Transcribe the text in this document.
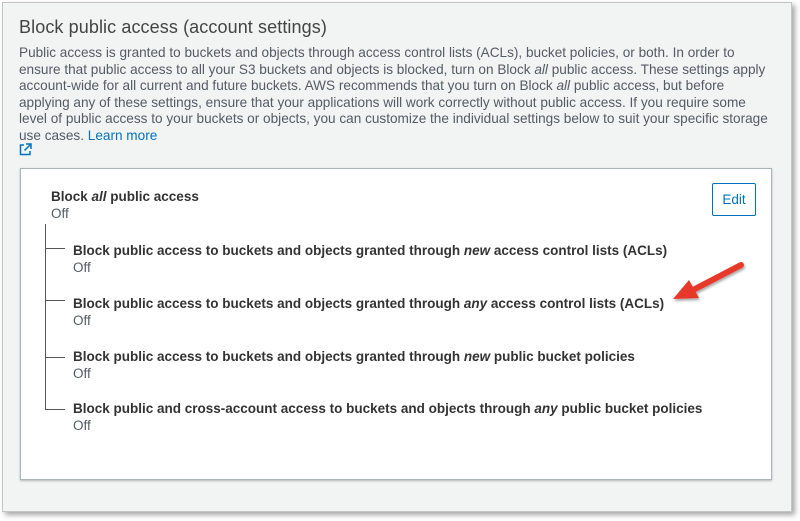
Block public access (account settings)

Public access is granted to buckets and objects through access control lists (ACLs), bucket policies, or both. In order to ensure that public access to all your S3 buckets and objects is blocked, turn on Block all public access. These settings apply account-wide for all current and future buckets. AWS recommends that you turn on Block all public access, but before applying any of these settings, ensure that your applications will work correctly without public access. If you require some level of public access to your buckets or objects, you can customize the individual settings below to suit your specific storage use cases. Learn more

Block all public access
Off
Edit
Block public access to buckets and objects granted through new access control lists (ACLs)
Off
Block public access to buckets and objects granted through any access control lists (ACLs)
Off
Block public access to buckets and objects granted through new public bucket policies
Off
Block public and cross-account access to buckets and objects through any public bucket policies
Off
